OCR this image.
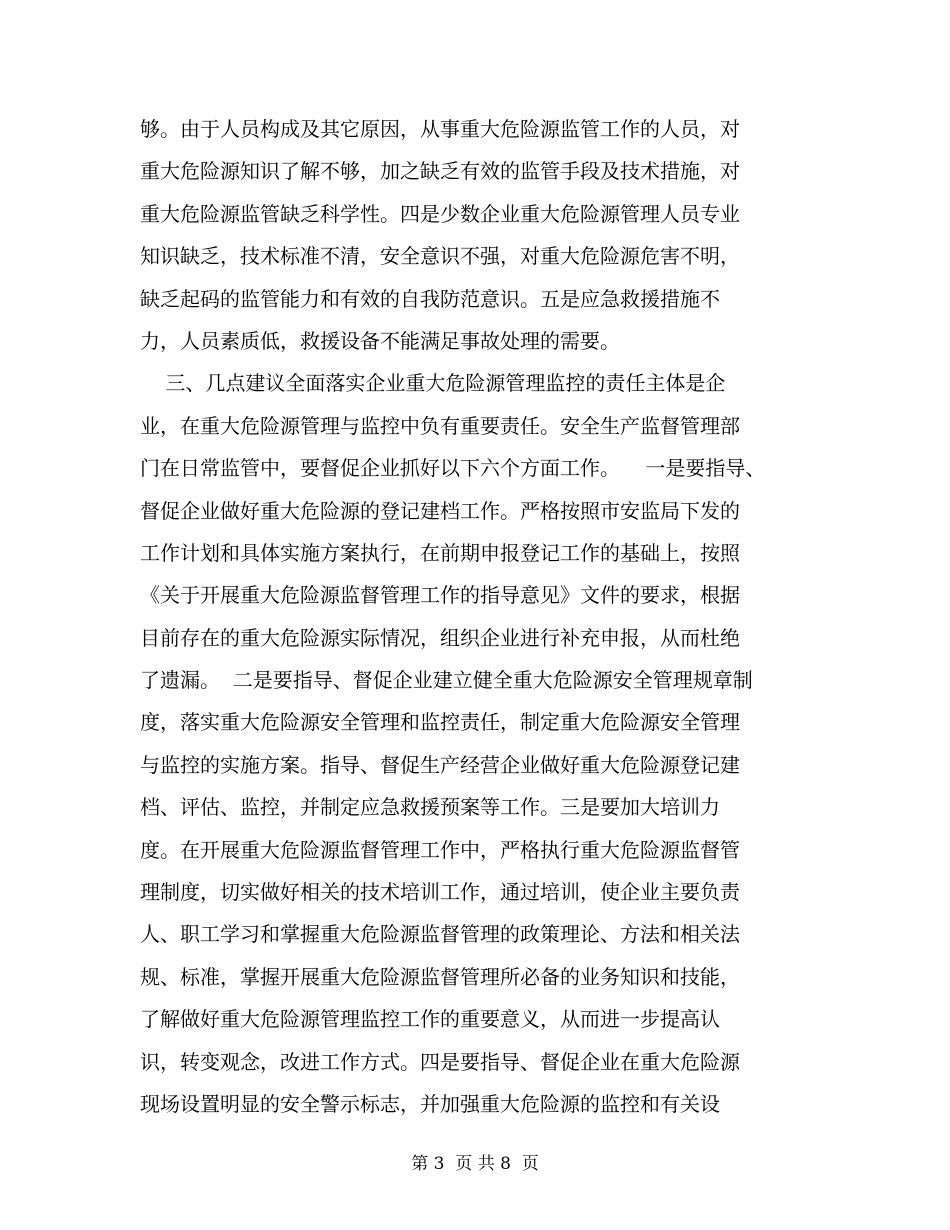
够。由于人员构成及其它原因，从事重大危险源监管工作的人员，对
重大危险源知识了解不够，加之缺乏有效的监管手段及技术措施，对
重大危险源监管缺乏科学性。四是少数企业重大危险源管理人员专业
知识缺乏，技术标准不清，安全意识不强，对重大危险源危害不明，
缺乏起码的监管能力和有效的自我防范意识。五是应急救援措施不
力，人员素质低，救援设备不能满足事故处理的需要。
三、几点建议全面落实企业重大危险源管理监控的责任主体是企
业，在重大危险源管理与监控中负有重要责任。安全生产监督管理部
门在日常监管中，要督促企业抓好以下六个方面工作。    一是要指导、
督促企业做好重大危险源的登记建档工作。严格按照市安监局下发的
工作计划和具体实施方案执行，在前期申报登记工作的基础上，按照
《关于开展重大危险源监督管理工作的指导意见》文件的要求，根据
目前存在的重大危险源实际情况，组织企业进行补充申报，从而杜绝
了遗漏。  二是要指导、督促企业建立健全重大危险源安全管理规章制
度，落实重大危险源安全管理和监控责任，制定重大危险源安全管理
与监控的实施方案。指导、督促生产经营企业做好重大危险源登记建
档、评估、监控，并制定应急救援预案等工作。三是要加大培训力
度。在开展重大危险源监督管理工作中，严格执行重大危险源监督管
理制度，切实做好相关的技术培训工作，通过培训，使企业主要负责
人、职工学习和掌握重大危险源监督管理的政策理论、方法和相关法
规、标准，掌握开展重大危险源监督管理所必备的业务知识和技能，
了解做好重大危险源管理监控工作的重要意义，从而进一步提高认
识，转变观念，改进工作方式。四是要指导、督促企业在重大危险源
现场设置明显的安全警示标志，并加强重大危险源的监控和有关设
第 3  页 共 8  页
